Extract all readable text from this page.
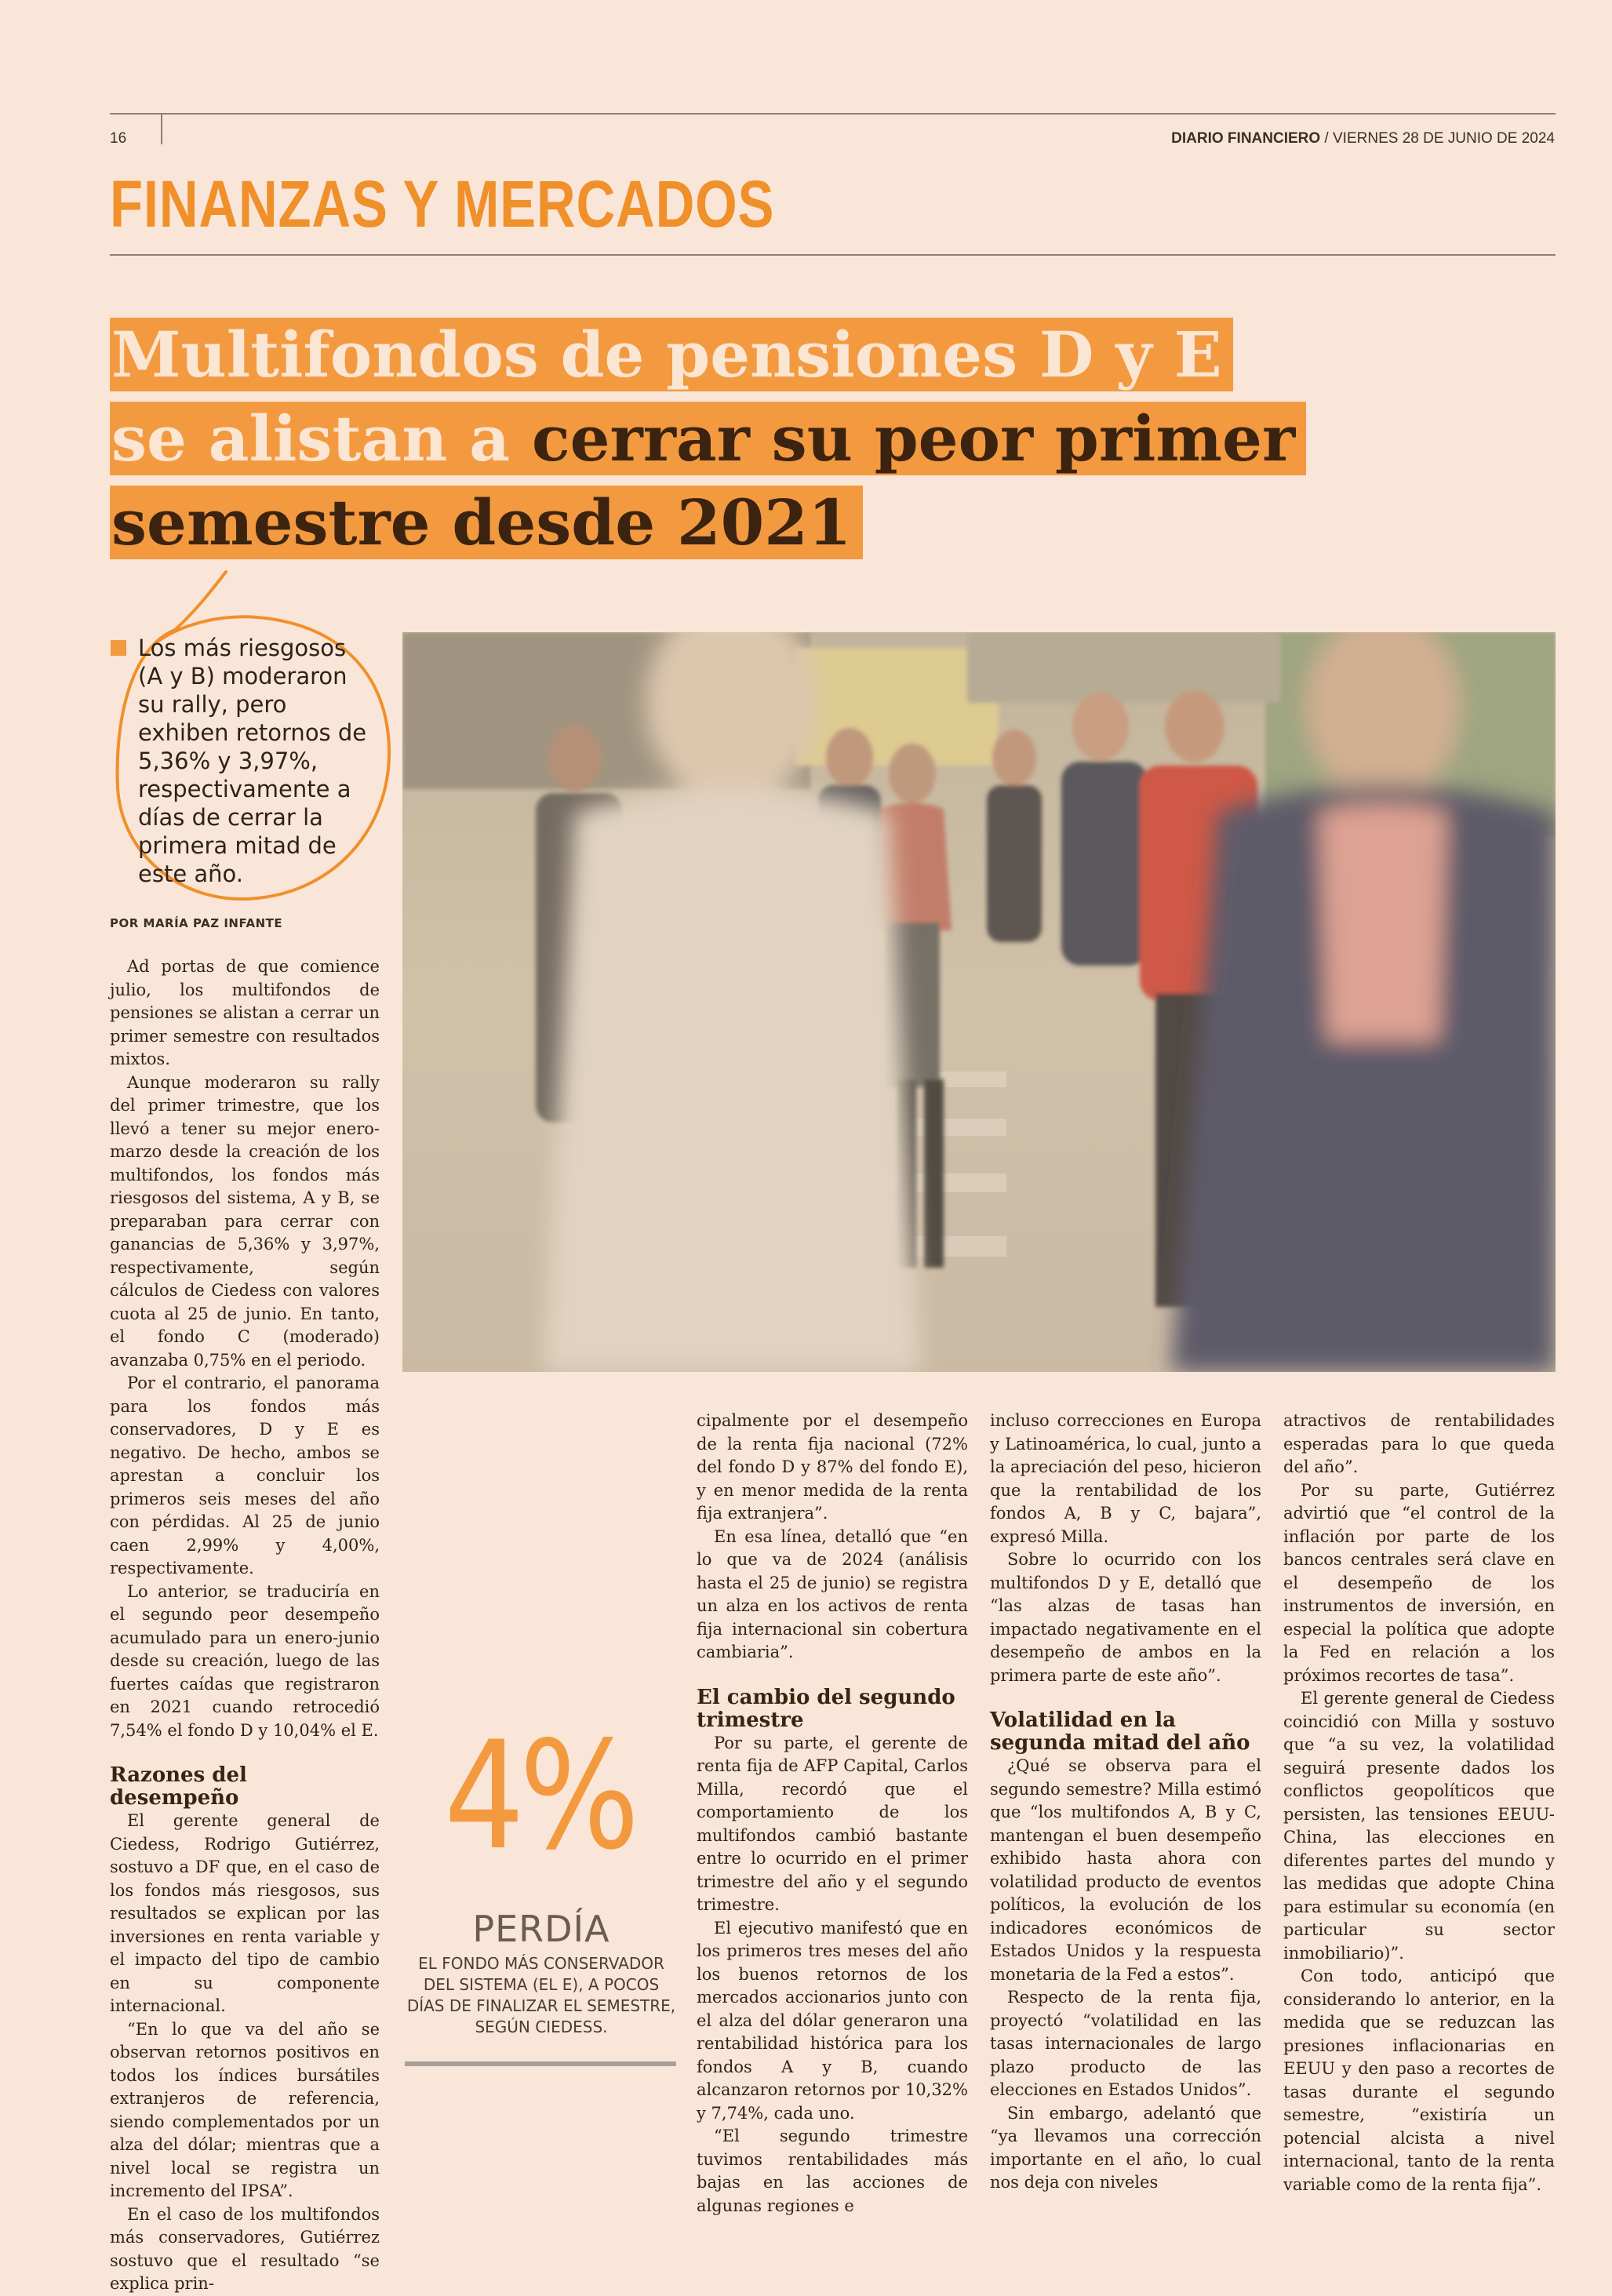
16	DIARIO FINANCIERO / VIERNES 28 DE JUNIO DE 2024
FINANZAS Y MERCADOS
Multifondos de pensiones D y E
se alistan a cerrar su peor primer
semestre desde 2021
Los más riesgosos (A y B) moderaron su rally, pero exhiben retornos de 5,36% y 3,97%, respectivamente a días de cerrar la primera mitad de este año.
POR MARÍA PAZ INFANTE

Ad portas de que comience julio, los multifondos de pensiones se alistan a cerrar un primer semestre con resultados mixtos.

Aunque moderaron su rally del primer trimestre, que los llevó a tener su mejor enero-marzo desde la creación de los multifondos, los fondos más riesgosos del sistema, A y B, se preparaban para cerrar con ganancias de 5,36% y 3,97%, respectivamente, según cálculos de Ciedess con valores cuota al 25 de junio. En tanto, el fondo C (moderado) avanzaba 0,75% en el periodo.

Por el contrario, el panorama para los fondos más conservadores, D y E es negativo. De hecho, ambos se aprestan a concluir los primeros seis meses del año con pérdidas. Al 25 de junio caen 2,99% y 4,00%, respectivamente.

Lo anterior, se traduciría en el segundo peor desempeño acumulado para un enero-junio desde su creación, luego de las fuertes caídas que registraron en 2021 cuando retrocedió 7,54% el fondo D y 10,04% el E.

Razones del desempeño

El gerente general de Ciedess, Rodrigo Gutiérrez, sostuvo a DF que, en el caso de los fondos más riesgosos, sus resultados se explican por las inversiones en renta variable y el impacto del tipo de cambio en su componente internacional.

“En lo que va del año se observan retornos positivos en todos los índices bursátiles extranjeros de referencia, siendo complementados por un alza del dólar; mientras que a nivel local se registra un incremento del IPSA”.

En el caso de los multifondos más conservadores, Gutiérrez sostuvo que el resultado “se explica prin-

4%
PERDÍA
EL FONDO MÁS CONSERVADOR DEL SISTEMA (EL E), A POCOS DÍAS DE FINALIZAR EL SEMESTRE, SEGÚN CIEDESS.

cipalmente por el desempeño de la renta fija nacional (72% del fondo D y 87% del fondo E), y en menor medida de la renta fija extranjera”.

En esa línea, detalló que “en lo que va de 2024 (análisis hasta el 25 de junio) se registra un alza en los activos de renta fija internacional sin cobertura cambiaria”.

El cambio del segundo trimestre

Por su parte, el gerente de renta fija de AFP Capital, Carlos Milla, recordó que el comportamiento de los multifondos cambió bastante entre lo ocurrido en el primer trimestre del año y el segundo trimestre.

El ejecutivo manifestó que en los primeros tres meses del año los buenos retornos de los mercados accionarios junto con el alza del dólar generaron una rentabilidad histórica para los fondos A y B, cuando alcanzaron retornos por 10,32% y 7,74%, cada uno.

“El segundo trimestre tuvimos rentabilidades más bajas en las acciones de algunas regiones e

incluso correcciones en Europa y Latinoamérica, lo cual, junto a la apreciación del peso, hicieron que la rentabilidad de los fondos A, B y C, bajara”, expresó Milla.

Sobre lo ocurrido con los multifondos D y E, detalló que “las alzas de tasas han impactado negativamente en el desempeño de ambos en la primera parte de este año”.

Volatilidad en la segunda mitad del año

¿Qué se observa para el segundo semestre? Milla estimó que “los multifondos A, B y C, mantengan el buen desempeño exhibido hasta ahora con volatilidad producto de eventos políticos, la evolución de los indicadores económicos de Estados Unidos y la respuesta monetaria de la Fed a estos”.

Respecto de la renta fija, proyectó “volatilidad en las tasas internacionales de largo plazo producto de las elecciones en Estados Unidos”.

Sin embargo, adelantó que “ya llevamos una corrección importante en el año, lo cual nos deja con niveles

atractivos de rentabilidades esperadas para lo que queda del año”.

Por su parte, Gutiérrez advirtió que “el control de la inflación por parte de los bancos centrales será clave en el desempeño de los instrumentos de inversión, en especial la política que adopte la Fed en relación a los próximos recortes de tasa”.

El gerente general de Ciedess coincidió con Milla y sostuvo que “a su vez, la volatilidad seguirá presente dados los conflictos geopolíticos que persisten, las tensiones EEUU-China, las elecciones en diferentes partes del mundo y las medidas que adopte China para estimular su economía (en particular su sector inmobiliario)”.

Con todo, anticipó que considerando lo anterior, en la medida que se reduzcan las presiones inflacionarias en EEUU y den paso a recortes de tasas durante el segundo semestre, “existiría un potencial alcista a nivel internacional, tanto de la renta variable como de la renta fija”.
